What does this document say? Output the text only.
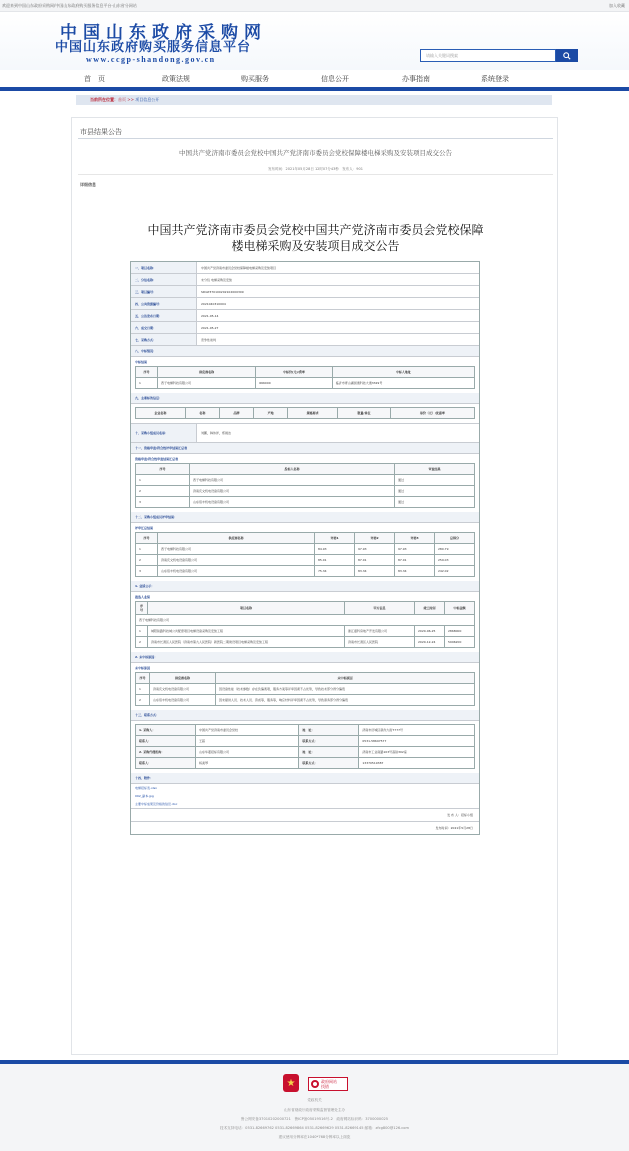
欢迎来到中国山东政府采购网/中国山东政府购买服务信息平台-山东省分网站	加入收藏
中国山东政府采购网
中国山东政府购买服务信息平台
www.ccgp-shandong.gov.cn	请输入关键词搜索
首　页	政策法规	购买服务	信息公开	办事指南	系统登录
当前所在位置：首页 >> 项目信息公开
市县结果公告
中国共产党济南市委员会党校中国共产党济南市委员会党校保障楼电梯采购及安装项目成交公告
发布时间：2021年05月28日 12时07分43秒　发布人：901
详细信息
中国共产党济南市委员会党校中国共产党济南市委员会党校保障
楼电梯采购及安装项目成交公告
一、项目名称：	中国共产党济南市委员会党校保障楼电梯采购及安装项目
二、分包名称：	未分包 电梯采购及安装
三、项目编号：	SDGP370100202102000309
四、公共资源编号：	2021040310004
五、公告发布日期：	2021-05-14
六、成交日期：	2021-05-27
七、采购方式：	竞争性谈判
八、中标情况：
中标结果
序号	供应商名称	中标价(元)/费率	中标人地址
1	西子电梯科技有限公司	666000	临沂市青山湖街道科技大道3329号
九、主要标的信息：
企业名称	名称	品牌	产地	规格要求	数量/单位	单价（元）/优惠率
十、采购小组成员名单：	刘鹏，韩伟洋，郑晨洁
十一、资格审查/符合性评审结果汇总表
资格审查/符合性审查结果汇总表
序号	投标人名称	审查结果
1	西子电梯科技有限公司	通过
2	济南庆文机电设备有限公司	通过
3	山东佰丰机电设备有限公司	通过
十二、采购小组成员评审结果：
评审汇总结果
序号	供应商名称	评委1	评委2	评委3	总得分
1	西子电梯科技有限公司	84.93	97.93	97.93	280.79
2	济南庆文机电设备有限公司	85.01	87.01	87.01	259.03
3	山东佰丰机电设备有限公司	75.34	83.34	83.34	242.02
1. 业绩公示：
推选人业绩
序号	项目名称	甲方信息	竣工时间	中标金额
西子电梯科技有限公司				
1	城阳铁路科技城公共配套项目电梯设备采购及安装工程	浙江嘉科房地产开发有限公司	2020-06-25	2868000
2	济南市长清区人民医院（济南市第九人民医院）新医院二期建设项目电梯采购及安装工程	济南市长清区人民医院	2020-12-24	5996200
2. 未中标原因：
未中标原因
序号	供应商名称	未中标原因
1	济南庆文机电设备有限公司	因设备性能（技术参数）存在负偏离项，服务方案等评审因素不占优势，导致技术部分得分偏低
2	山东佰丰机电设备有限公司	因未提供人员、技术人员、资质等，服务等，响应材料评审因素不占优势，导致商务部分得分偏低
十三、联系方式：
1. 采购人：	中国共产党济南市委员会党校	地　址：	济南市历城区新泺大街7777号
联系人：	王超	联系方式：	0531-58697577
2. 采购代理机构：	山东华菱招标有限公司	地　址：	济南市工业南路103号高铁302室
联系人：	杨美琴	联系方式：	13370519387
十四、附件：
电梯招标表.xlsx
092_副本.jpg
主要中标成果及价格的信息.doc
发 布 人：招标小组
发布时间：2021年5月28日
★	政府网站
找错
党政机关
山东省财政厅政府采购监督管理处主办
鲁公网安备37010202000721　鲁ICP备05019516号-2　政府网站标识码：3700000025
技术支持电话：0531-82669762 0531-82669864 0531-82669629 0531-82669145 邮箱：zfcg800@126.com
建议使用分辨率在1040*768分辨率以上浏览
